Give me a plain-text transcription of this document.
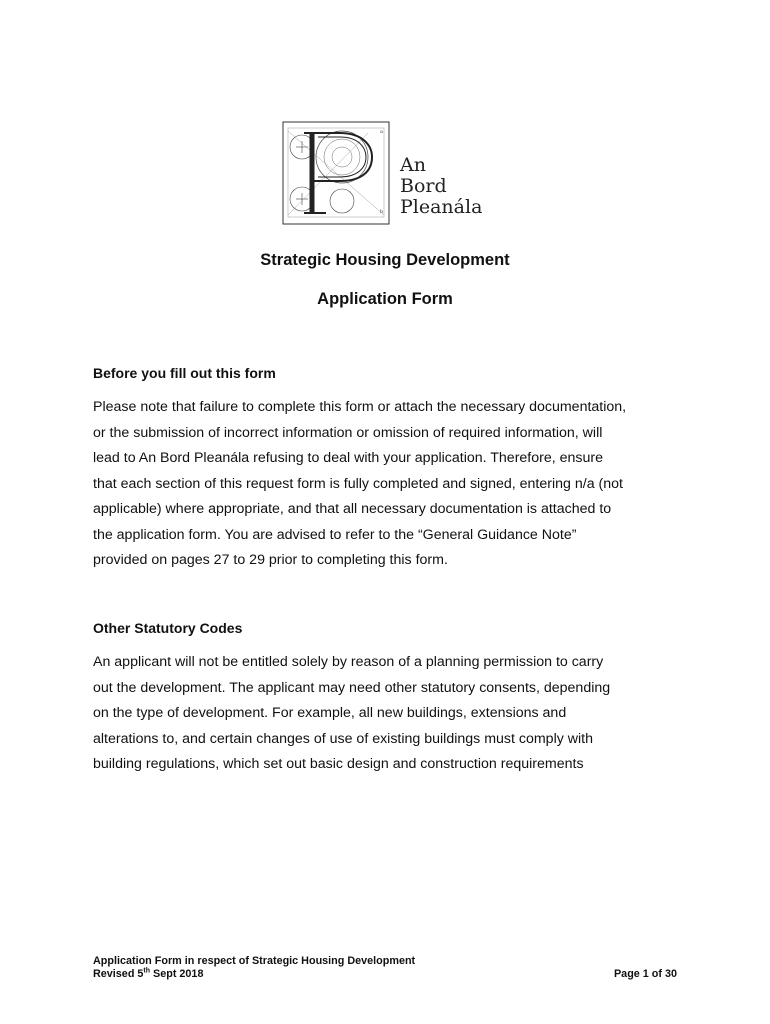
a
b
An
Bord
Pleanála
Strategic Housing Development
Application Form
Before you fill out this form
Please note that failure to complete this form or attach the necessary documentation,
or the submission of incorrect information or omission of required information, will
lead to An Bord Pleanála refusing to deal with your application. Therefore, ensure
that each section of this request form is fully completed and signed, entering n/a (not
applicable) where appropriate, and that all necessary documentation is attached to
the application form. You are advised to refer to the “General Guidance Note”
provided on pages 27 to 29 prior to completing this form.
Other Statutory Codes
An applicant will not be entitled solely by reason of a planning permission to carry
out the development. The applicant may need other statutory consents, depending
on the type of development. For example, all new buildings, extensions and
alterations to, and certain changes of use of existing buildings must comply with
building regulations, which set out basic design and construction requirements
Application Form in respect of Strategic Housing Development
Revised 5th Sept 2018	Page 1 of 30
